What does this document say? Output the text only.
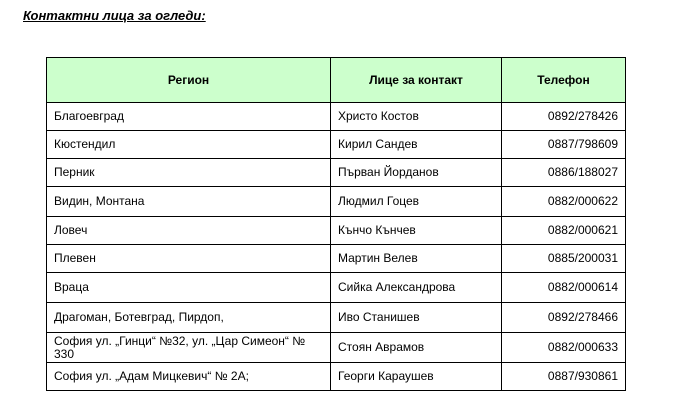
Контактни лица за огледи:
Регион	Лице за контакт	Телефон
Благоевград	Христо Костов	0892/278426
Кюстендил	Кирил Сандев	0887/798609
Перник	Първан Йорданов	0886/188027
Видин, Монтана	Людмил Гоцев	0882/000622
Ловеч	Кънчо Кънчев	0882/000621
Плевен	Мартин Велев	0885/200031
Враца	Сийка Александрова	0882/000614
Драгоман, Ботевград, Пирдоп,	Иво Станишев	0892/278466
София ул. „Гинци“ №32, ул. „Цар Симеон“ № 330	Стоян Аврамов	0882/000633
София ул. „Адам Мицкевич“ № 2А;	Георги Караушев	0887/930861
